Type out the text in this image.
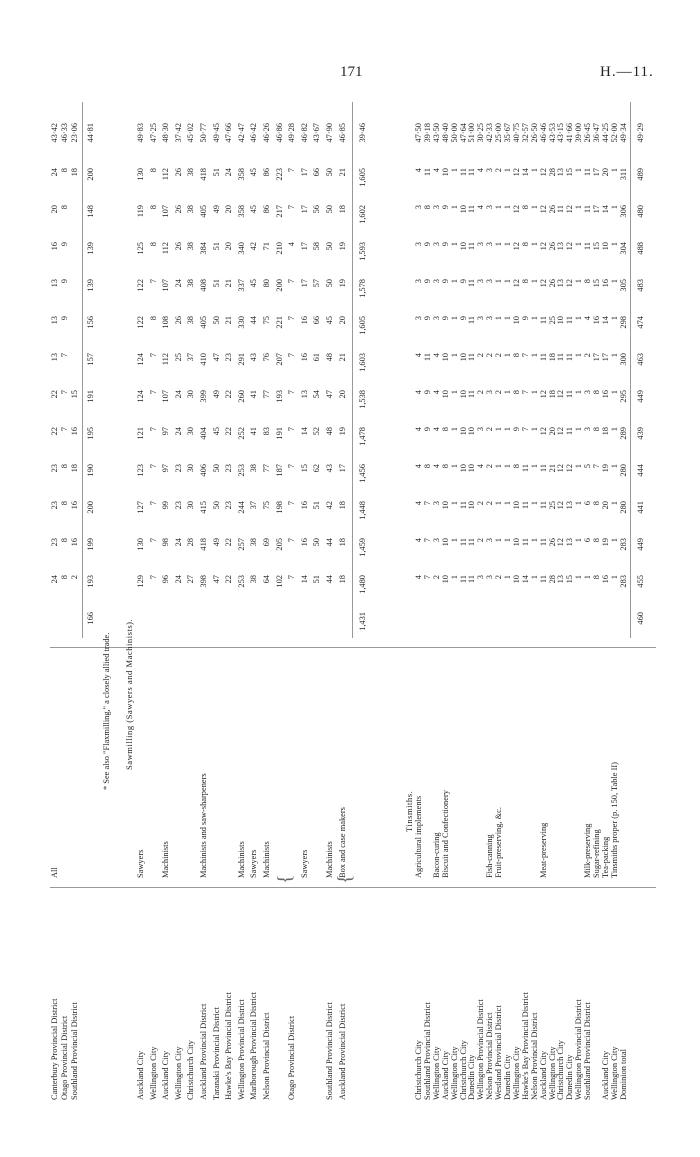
171	H.—11.
Canterbury Provincial District
All
24
23
23
23
22
22
13
13
13
16
20
24
43·42
Otago Provincial District
8
8
8
8
7
7
7
9
9
9
8
8
46·33
Southland Provincial District
2
16
16
18
16
15
18
23·06
166
193
199
200
190
195
191
157
156
139
139
148
200
44·81
* See also "Flaxmilling," a closely allied trade. Sawmilling (Sawyers and Machinists).
Auckland City
Sawyers
129
130
127
123
121
124
124
122
122
125
119
130
49·83
Wellington City
7
7
7
7
7
7
7
8
7
8
8
8
47·25
Auckland City
Machinists
96
98
99
97
97
107
112
108
107
112
107
112
48·30
Wellington City
24
24
23
23
24
24
25
26
24
26
26
26
37·42
Christchurch City
27
28
30
30
30
30
37
38
38
38
38
38
45·02
Auckland Provincial District
Machinists and saw-sharpeners
398
418
415
406
404
399
410
405
408
384
405
418
50·77
Taranaki Provincial District
47
49
50
50
45
49
47
50
51
51
49
51
49·45
Hawke's Bay Provincial District
22
22
23
23
22
22
23
21
21
20
20
24
47·66
Wellington Provincial District
Machinists
253
257
244
253
252
260
291
330
337
340
358
358
42·47
Marlborough Provincial District
Sawyers
38
38
37
38
41
41
43
44
45
42
45
45
46·42
Nelson Provincial District
Machinists
64
69
75
77
83
77
76
75
80
71
86
86
46·26
102
205
198
187
191
193
207
221
200
210
217
223
46·86
Otago Provincial District
7
7
7
7
7
7
7
7
7
4
7
7
49·28
Sawyers
14
16
16
15
14
13
16
16
17
17
17
17
46·82
51
50
51
62
52
54
61
66
57
58
56
66
43·67
Southland Provincial District
Machinists
44
44
42
43
48
47
48
45
50
50
50
50
47·90
Auckland Provincial District
Box and case makers
18
18
18
17
19
20
21
20
19
19
18
21
46·85
1,431
1,480
1,459
1,448
1,456
1,478
1,538
1,603
1,605
1,578
1,593
1,602
1,605
39·46
{ {
Tinsmiths.
Christchurch City
Agricultural implements
4
4
4
4
4
4
4
3
3
3
3
4
47·50
Southland Provincial District
7
7
7
8
9
9
11
9
9
9
8
11
39·18
Wellington City
Bacon-curing
2
3
3
4
4
4
4
3
3
3
3
4
43·50
Auckland City
Biscuit and Confectionery
10
10
10
8
8
10
10
9
9
9
9
10
48·40
Wellington City
1
1
1
1
1
1
1
1
1
1
1
1
50·00
Christchurch City
11
11
11
10
10
10
10
9
9
10
10
11
47·64
Dunedin City
11
11
10
10
10
11
11
11
11
11
11
11
51·00
Wellington Provincial District
3
2
2
4
3
2
2
3
3
3
4
4
30·25
Nelson Provincial District
Fish-canning
3
3
2
2
2
3
2
3
3
3
3
3
42·33
Westland Provincial District
Fruit-preserving, &c.
2
1
1
1
1
2
2
1
1
1
1
2
25·00
Dunedin City
1
1
1
1
1
1
1
1
1
1
1
1
35·67
Wellington City
10
10
10
8
9
8
8
10
12
12
12
12
40·75
Hawke's Bay Provincial District
14
11
11
11
7
7
7
9
8
8
8
14
32·57
Nelson Provincial District
1
1
1
1
1
1
1
1
1
1
1
1
26·50
Auckland City
Meat-preserving
11
11
11
11
12
12
11
11
12
12
12
12
46·46
Wellington City
28
26
25
21
20
18
18
25
26
26
26
28
43·53
Christchurch City
13
12
12
12
12
12
11
10
13
13
11
13
43·15
Dunedin City
15
13
13
12
11
11
11
11
12
12
12
15
41·66
Wellington Provincial District
1
1
1
1
1
1
1
1
1
1
1
1
39·00
Southland Provincial District
Milk-preserving
1
6
6
5
3
3
2
4
8
11
11
11
26·45
Sugar-refining
8
8
8
7
8
8
17
16
15
15
17
17
36·47
Auckland City
Tea-packing
16
19
20
19
18
16
17
14
16
10
14
20
44·25
Wellington City
Tinsmiths proper (p. 150, Table II)
1
1
1
1
1
1
1
1
1
1
1
1
52·00
Dominion total
283
283
280
280
289
295
300
298
305
304
306
311
49·34
460
455
449
441
444
439
449
463
474
483
488
480
489
49·29
